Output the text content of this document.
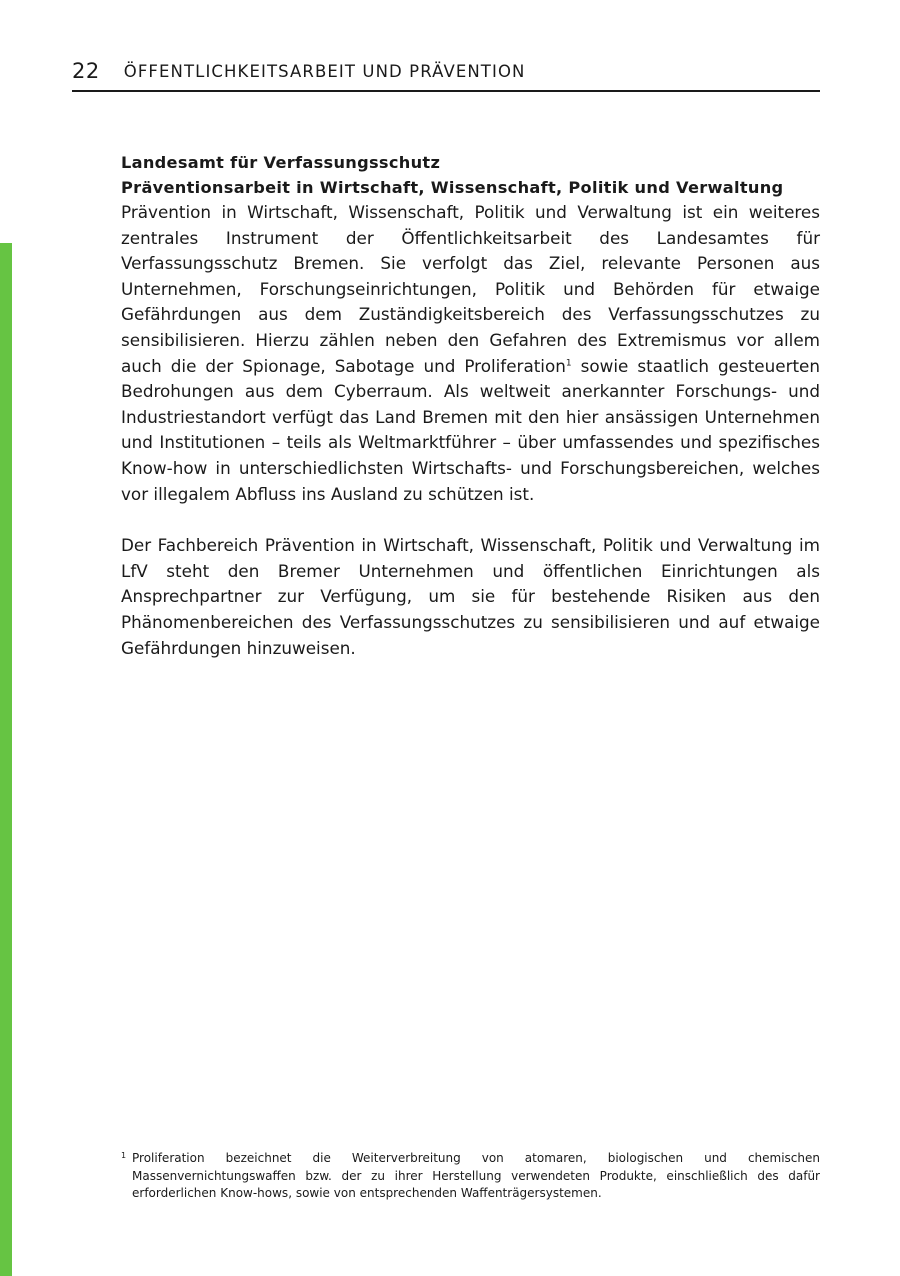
22 ÖFFENTLICHKEITSARBEIT UND PRÄVENTION
Landesamt für Verfassungsschutz
Präventionsarbeit in Wirtschaft, Wissenschaft, Politik und Verwaltung

Prävention in Wirtschaft, Wissenschaft, Politik und Verwaltung ist ein weiteres zentrales Instrument der Öffentlichkeitsarbeit des Landesamtes für Verfassungsschutz Bremen. Sie verfolgt das Ziel, relevante Personen aus Unternehmen, Forschungseinrichtungen, Politik und Behörden für etwaige Gefährdungen aus dem Zuständigkeitsbereich des Verfassungsschutzes zu sensibilisieren. Hierzu zählen neben den Gefahren des Extremismus vor allem auch die der Spionage, Sabotage und Proliferation$^1$ sowie staatlich gesteuerten Bedrohungen aus dem Cyberraum. Als weltweit anerkannter Forschungs- und Industriestandort verfügt das Land Bremen mit den hier ansässigen Unternehmen und Institutionen – teils als Weltmarktführer – über umfassendes und spezifisches Know-how in unterschiedlichsten Wirtschafts- und Forschungsbereichen, welches vor illegalem Abfluss ins Ausland zu schützen ist.

Der Fachbereich Prävention in Wirtschaft, Wissenschaft, Politik und Verwaltung im LfV steht den Bremer Unternehmen und öffentlichen Einrichtungen als Ansprechpartner zur Verfügung, um sie für bestehende Risiken aus den Phänomenbereichen des Verfassungsschutzes zu sensibilisieren und auf etwaige Gefährdungen hinzuweisen.

1 Proliferation bezeichnet die Weiterverbreitung von atomaren, biologischen und chemischen Massenvernichtungswaffen bzw. der zu ihrer Herstellung verwendeten Produkte, einschließlich des dafür erforderlichen Know-hows, sowie von entsprechenden Waffenträgersystemen.
